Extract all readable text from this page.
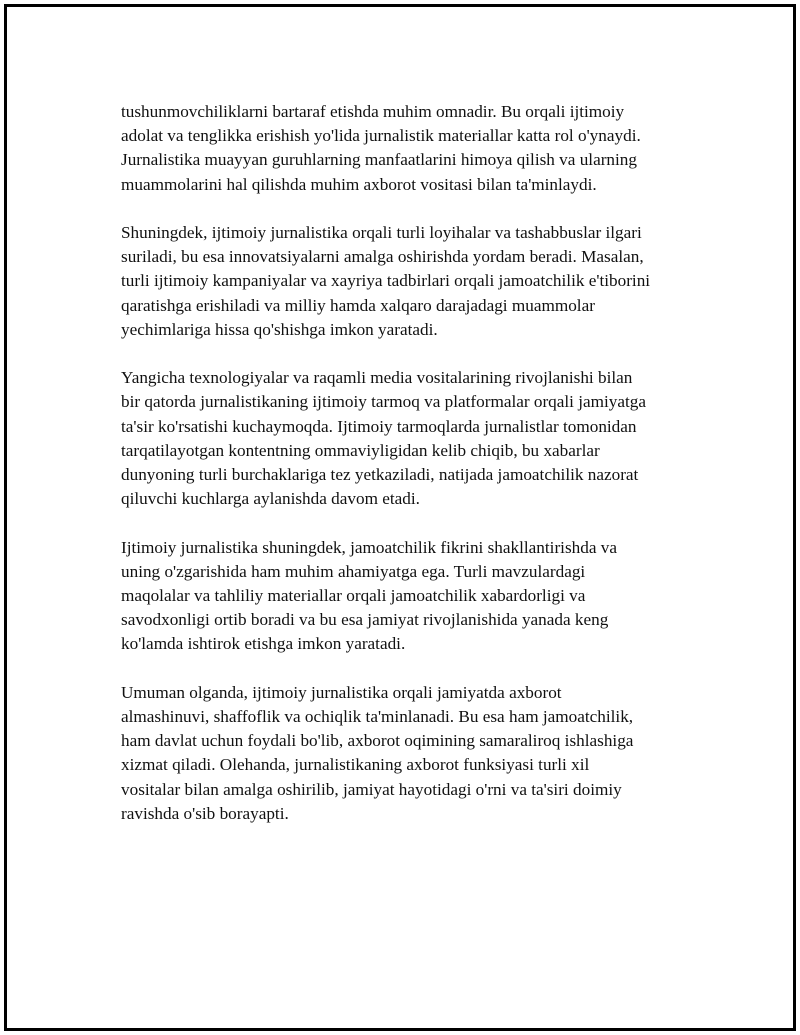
tushunmovchiliklarni bartaraf etishda muhim omnadir. Bu orqali ijtimoiy
adolat va tenglikka erishish yo'lida jurnalistik materiallar katta rol o'ynaydi.
Jurnalistika muayyan guruhlarning manfaatlarini himoya qilish va ularning
muammolarini hal qilishda muhim axborot vositasi bilan ta'minlaydi.

Shuningdek, ijtimoiy jurnalistika orqali turli loyihalar va tashabbuslar ilgari
suriladi, bu esa innovatsiyalarni amalga oshirishda yordam beradi. Masalan,
turli ijtimoiy kampaniyalar va xayriya tadbirlari orqali jamoatchilik e'tiborini
qaratishga erishiladi va milliy hamda xalqaro darajadagi muammolar
yechimlariga hissa qo'shishga imkon yaratadi.

Yangicha texnologiyalar va raqamli media vositalarining rivojlanishi bilan
bir qatorda jurnalistikaning ijtimoiy tarmoq va platformalar orqali jamiyatga
ta'sir ko'rsatishi kuchaymoqda. Ijtimoiy tarmoqlarda jurnalistlar tomonidan
tarqatilayotgan kontentning ommaviyligidan kelib chiqib, bu xabarlar
dunyoning turli burchaklariga tez yetkaziladi, natijada jamoatchilik nazorat
qiluvchi kuchlarga aylanishda davom etadi.

Ijtimoiy jurnalistika shuningdek, jamoatchilik fikrini shakllantirishda va
uning o'zgarishida ham muhim ahamiyatga ega. Turli mavzulardagi
maqolalar va tahliliy materiallar orqali jamoatchilik xabardorligi va
savodxonligi ortib boradi va bu esa jamiyat rivojlanishida yanada keng
ko'lamda ishtirok etishga imkon yaratadi.

Umuman olganda, ijtimoiy jurnalistika orqali jamiyatda axborot
almashinuvi, shaffoflik va ochiqlik ta'minlanadi. Bu esa ham jamoatchilik,
ham davlat uchun foydali bo'lib, axborot oqimining samaraliroq ishlashiga
xizmat qiladi. Olehanda, jurnalistikaning axborot funksiyasi turli xil
vositalar bilan amalga oshirilib, jamiyat hayotidagi o'rni va ta'siri doimiy
ravishda o'sib borayapti.
